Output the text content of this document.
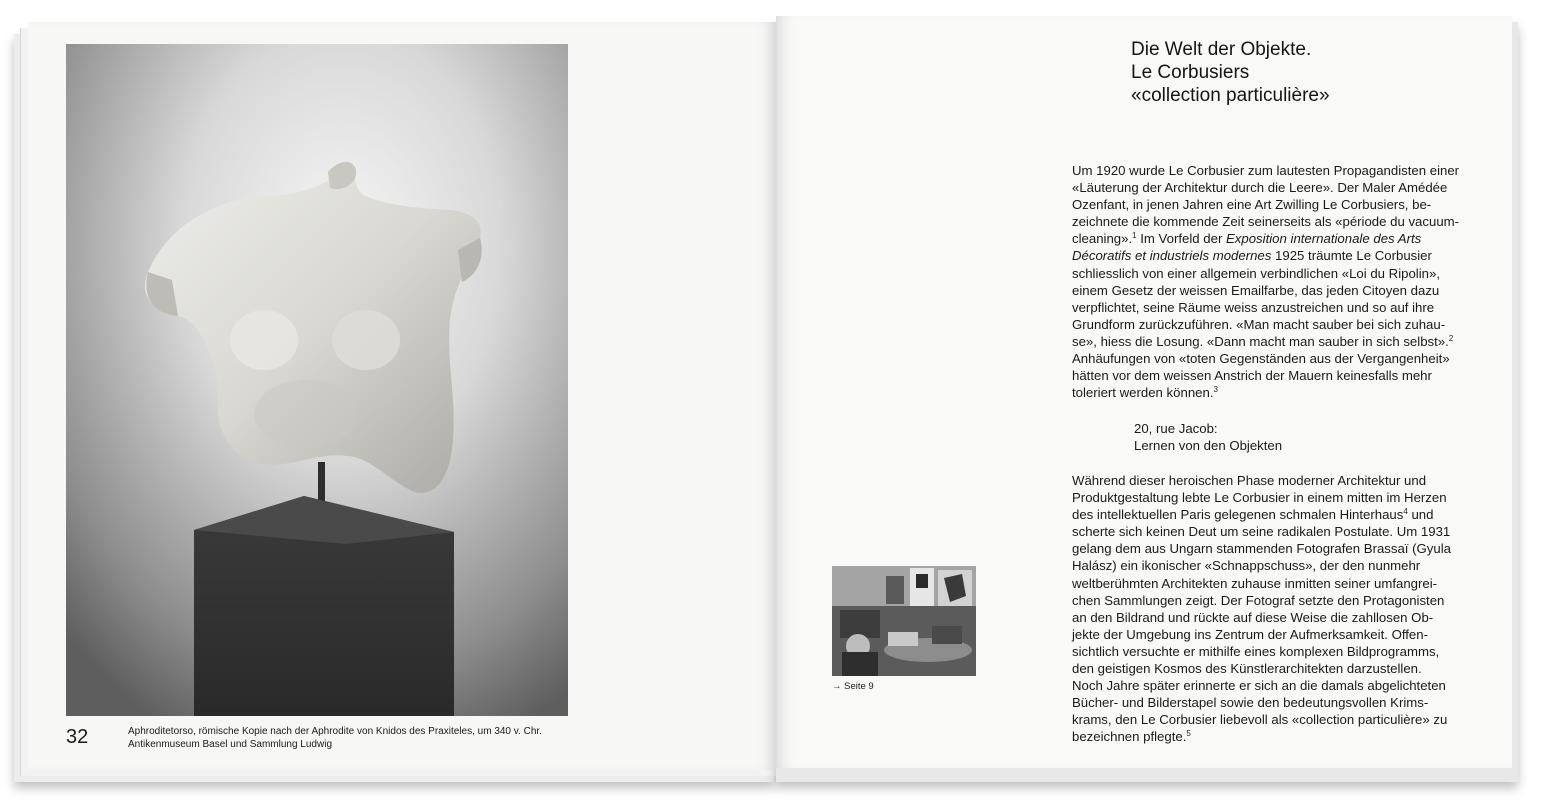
32	Aphroditetorso, römische Kopie nach der Aphrodite von Knidos des Praxiteles, um 340 v. Chr.
Antikenmuseum Basel und Sammlung Ludwig
Die Welt der Objekte.
Le Corbusiers
«collection particulière»
Um 1920 wurde Le Corbusier zum lautesten Propagandisten einer
«Läuterung der Architektur durch die Leere». Der Maler Amédée
Ozenfant, in jenen Jahren eine Art Zwilling Le Corbusiers, be-
zeichnete die kommende Zeit seinerseits als «période du vacuum-
cleaning».$^1$ Im Vorfeld der Exposition internationale des Arts
Décoratifs et industriels modernes 1925 träumte Le Corbusier
schliesslich von einer allgemein verbindlichen «Loi du Ripolin»,
einem Gesetz der weissen Emailfarbe, das jeden Citoyen dazu
verpflichtet, seine Räume weiss anzustreichen und so auf ihre
Grundform zurückzuführen. «Man macht sauber bei sich zuhau-
se», hiess die Losung. «Dann macht man sauber in sich selbst».$^2$
Anhäufungen von «toten Gegenständen aus der Vergangenheit»
hätten vor dem weissen Anstrich der Mauern keinesfalls mehr
toleriert werden können.$^3$
20, rue Jacob:
Lernen von den Objekten
Während dieser heroischen Phase moderner Architektur und
Produktgestaltung lebte Le Corbusier in einem mitten im Herzen
des intellektuellen Paris gelegenen schmalen Hinterhaus$^4$ und
scherte sich keinen Deut um seine radikalen Postulate. Um 1931
gelang dem aus Ungarn stammenden Fotografen Brassaï (Gyula
Halász) ein ikonischer «Schnappschuss», der den nunmehr
weltberühmten Architekten zuhause inmitten seiner umfangrei-
chen Sammlungen zeigt. Der Fotograf setzte den Protagonisten
an den Bildrand und rückte auf diese Weise die zahllosen Ob-
jekte der Umgebung ins Zentrum der Aufmerksamkeit. Offen-
sichtlich versuchte er mithilfe eines komplexen Bildprogramms,
den geistigen Kosmos des Künstlerarchitekten darzustellen.
Noch Jahre später erinnerte er sich an die damals abgelichteten
Bücher- und Bilderstapel sowie den bedeutungsvollen Krims-
krams, den Le Corbusier liebevoll als «collection particulière» zu
bezeichnen pflegte.$^5$
→ Seite 9
